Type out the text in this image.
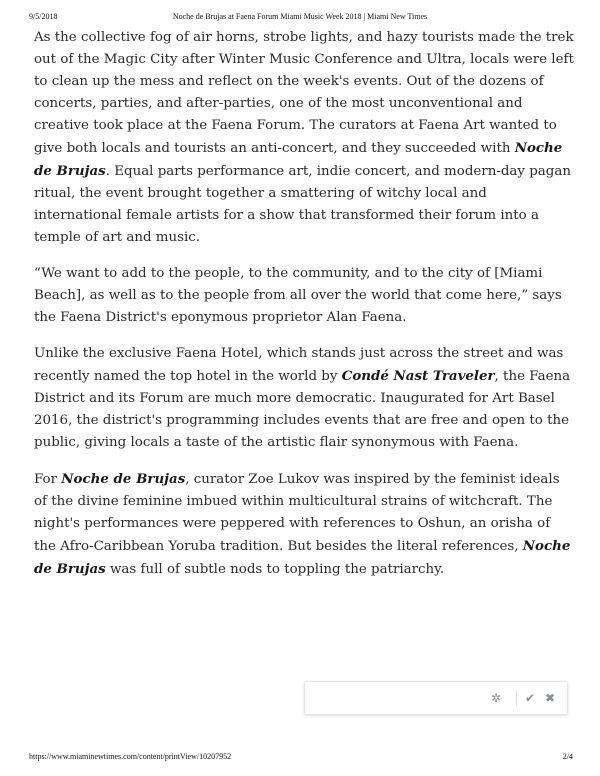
9/5/2018	Noche de Brujas at Faena Forum Miami Music Week 2018 | Miami New Times

As the collective fog of air horns, strobe lights, and hazy tourists made the trek out of the Magic City after Winter Music Conference and Ultra, locals were left to clean up the mess and reflect on the week's events. Out of the dozens of concerts, parties, and after-parties, one of the most unconventional and creative took place at the Faena Forum. The curators at Faena Art wanted to give both locals and tourists an anti-concert, and they succeeded with Noche de Brujas. Equal parts performance art, indie concert, and modern-day pagan ritual, the event brought together a smattering of witchy local and international female artists for a show that transformed their forum into a temple of art and music.

“We want to add to the people, to the community, and to the city of [Miami Beach], as well as to the people from all over the world that come here,” says the Faena District's eponymous proprietor Alan Faena.

Unlike the exclusive Faena Hotel, which stands just across the street and was recently named the top hotel in the world by Condé Nast Traveler, the Faena District and its Forum are much more democratic. Inaugurated for Art Basel 2016, the district's programming includes events that are free and open to the public, giving locals a taste of the artistic flair synonymous with Faena.

For Noche de Brujas, curator Zoe Lukov was inspired by the feminist ideals of the divine feminine imbued within multicultural strains of witchcraft. The night's performances were peppered with references to Oshun, an orisha of the Afro-Caribbean Yoruba tradition. But besides the literal references, Noche de Brujas was full of subtle nods to toppling the patriarchy.

✲	✔ ✖
https://www.miaminewtimes.com/content/printView/10207952	2/4
